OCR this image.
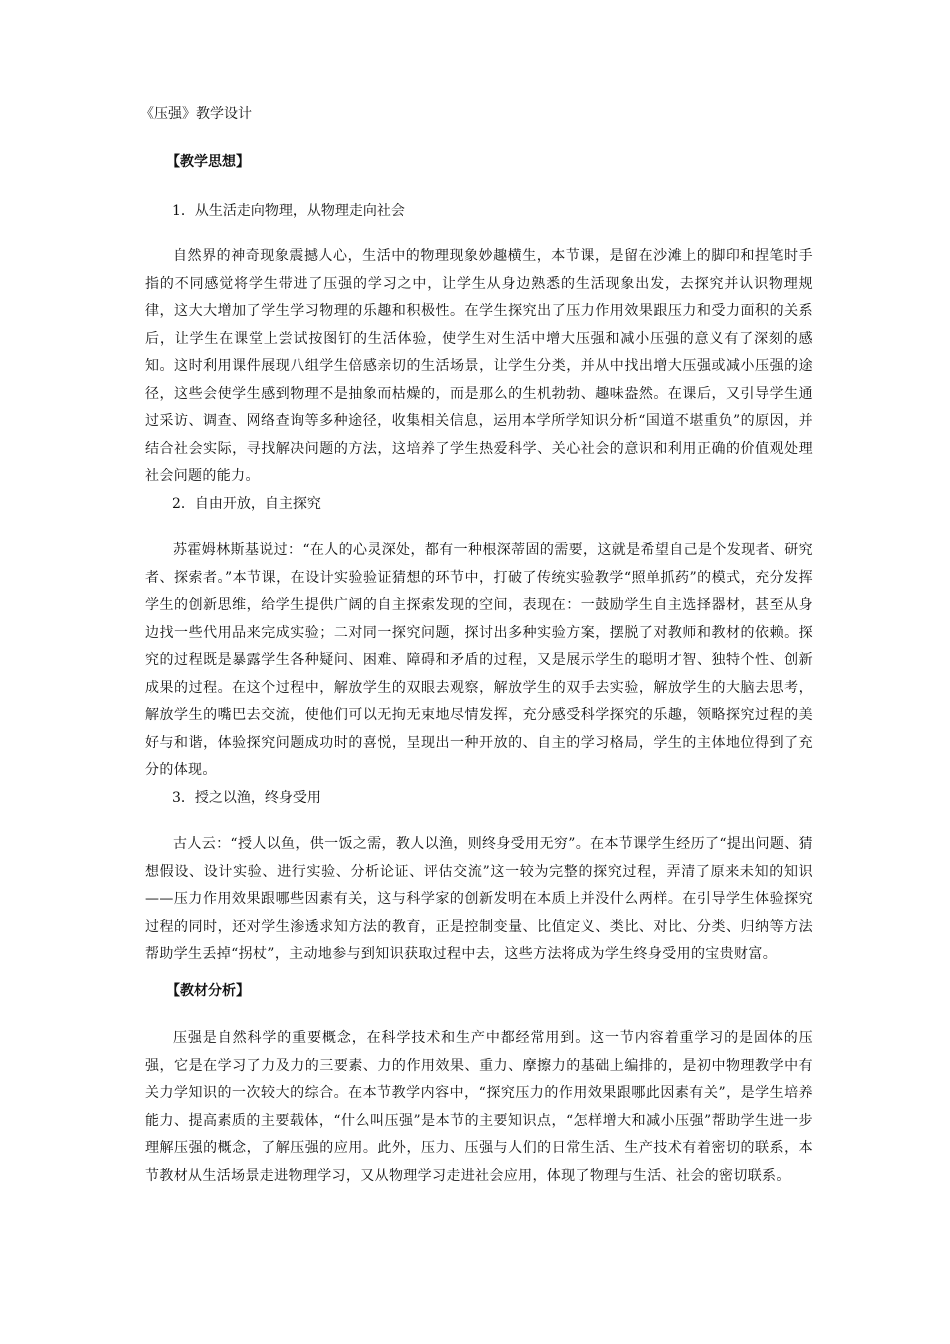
《压强》教学设计
【教学思想】
1．从生活走向物理，从物理走向社会

自然界的神奇现象震撼人心，生活中的物理现象妙趣横生，本节课，是留在沙滩上的脚印和捏笔时手指的不同感觉将学生带进了压强的学习之中，让学生从身边熟悉的生活现象出发，去探究并认识物理规律，这大大增加了学生学习物理的乐趣和积极性。在学生探究出了压力作用效果跟压力和受力面积的关系后，让学生在课堂上尝试按图钉的生活体验，使学生对生活中增大压强和减小压强的意义有了深刻的感知。这时利用课件展现八组学生倍感亲切的生活场景，让学生分类，并从中找出增大压强或减小压强的途径，这些会使学生感到物理不是抽象而枯燥的，而是那么的生机勃勃、趣味盎然。在课后，又引导学生通过采访、调查、网络查询等多种途径，收集相关信息，运用本学所学知识分析“国道不堪重负”的原因，并结合社会实际，寻找解决问题的方法，这培养了学生热爱科学、关心社会的意识和利用正确的价值观处理社会问题的能力。

2．自由开放，自主探究

苏霍姆林斯基说过：“在人的心灵深处，都有一种根深蒂固的需要，这就是希望自己是个发现者、研究者、探索者。”本节课，在设计实验验证猜想的环节中，打破了传统实验教学“照单抓药”的模式，充分发挥学生的创新思维，给学生提供广阔的自主探索发现的空间，表现在：一鼓励学生自主选择器材，甚至从身边找一些代用品来完成实验；二对同一探究问题，探讨出多种实验方案，摆脱了对教师和教材的依赖。探究的过程既是暴露学生各种疑问、困难、障碍和矛盾的过程，又是展示学生的聪明才智、独特个性、创新成果的过程。在这个过程中，解放学生的双眼去观察，解放学生的双手去实验，解放学生的大脑去思考，解放学生的嘴巴去交流，使他们可以无拘无束地尽情发挥，充分感受科学探究的乐趣，领略探究过程的美好与和谐，体验探究问题成功时的喜悦，呈现出一种开放的、自主的学习格局，学生的主体地位得到了充分的体现。

3．授之以渔，终身受用

古人云：“授人以鱼，供一饭之需，教人以渔，则终身受用无穷”。在本节课学生经历了“提出问题、猜想假设、设计实验、进行实验、分析论证、评估交流”这一较为完整的探究过程，弄清了原来未知的知识——压力作用效果跟哪些因素有关，这与科学家的创新发明在本质上并没什么两样。在引导学生体验探究过程的同时，还对学生渗透求知方法的教育，正是控制变量、比值定义、类比、对比、分类、归纳等方法帮助学生丢掉“拐杖”，主动地参与到知识获取过程中去，这些方法将成为学生终身受用的宝贵财富。

【教材分析】

压强是自然科学的重要概念，在科学技术和生产中都经常用到。这一节内容着重学习的是固体的压强，它是在学习了力及力的三要素、力的作用效果、重力、摩擦力的基础上编排的，是初中物理教学中有关力学知识的一次较大的综合。在本节教学内容中，“探究压力的作用效果跟哪此因素有关”，是学生培养能力、提高素质的主要载体，“什么叫压强”是本节的主要知识点，“怎样增大和减小压强”帮助学生进一步理解压强的概念，了解压强的应用。此外，压力、压强与人们的日常生活、生产技术有着密切的联系，本节教材从生活场景走进物理学习，又从物理学习走进社会应用，体现了物理与生活、社会的密切联系。
